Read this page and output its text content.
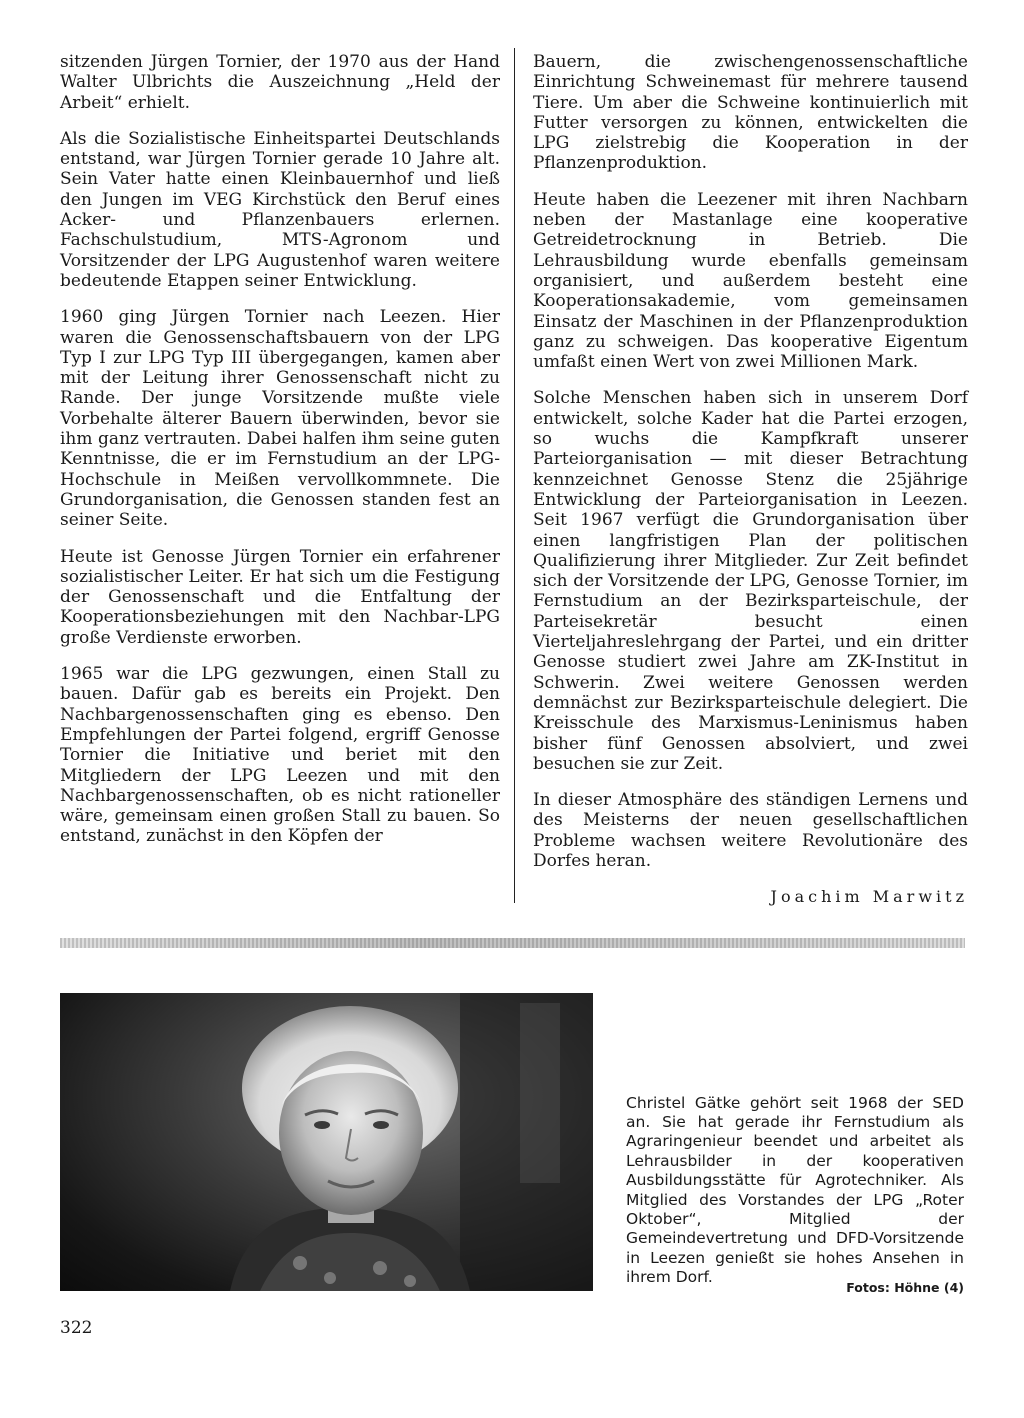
sitzenden Jürgen Tornier, der 1970 aus der Hand Walter Ulbrichts die Auszeichnung „Held der Arbeit“ erhielt.

Als die Sozialistische Einheitspartei Deutschlands entstand, war Jürgen Tornier gerade 10 Jahre alt. Sein Vater hatte einen Kleinbauernhof und ließ den Jungen im VEG Kirchstück den Beruf eines Acker- und Pflanzenbauers erlernen. Fachschulstudium, MTS-Agronom und Vorsitzender der LPG Augustenhof waren weitere bedeutende Etappen seiner Entwicklung.

1960 ging Jürgen Tornier nach Leezen. Hier waren die Genossenschaftsbauern von der LPG Typ I zur LPG Typ III übergegangen, kamen aber mit der Leitung ihrer Genossenschaft nicht zu Rande. Der junge Vorsitzende mußte viele Vorbehalte älterer Bauern überwinden, bevor sie ihm ganz vertrauten. Dabei halfen ihm seine guten Kenntnisse, die er im Fernstudium an der LPG-Hochschule in Meißen vervollkommnete. Die Grundorganisation, die Genossen standen fest an seiner Seite.

Heute ist Genosse Jürgen Tornier ein erfahrener sozialistischer Leiter. Er hat sich um die Festigung der Genossenschaft und die Entfaltung der Kooperationsbeziehungen mit den Nachbar-LPG große Verdienste erworben.

1965 war die LPG gezwungen, einen Stall zu bauen. Dafür gab es bereits ein Projekt. Den Nachbargenossenschaften ging es ebenso. Den Empfehlungen der Partei folgend, ergriff Genosse Tornier die Initiative und beriet mit den Mitgliedern der LPG Leezen und mit den Nachbargenossenschaften, ob es nicht rationeller wäre, gemeinsam einen großen Stall zu bauen. So entstand, zunächst in den Köpfen der

Bauern, die zwischengenossenschaftliche Einrichtung Schweinemast für mehrere tausend Tiere. Um aber die Schweine kontinuierlich mit Futter versorgen zu können, entwickelten die LPG zielstrebig die Kooperation in der Pflanzenproduktion.

Heute haben die Leezener mit ihren Nachbarn neben der Mastanlage eine kooperative Getreidetrocknung in Betrieb. Die Lehrausbildung wurde ebenfalls gemeinsam organisiert, und außerdem besteht eine Kooperationsakademie, vom gemeinsamen Einsatz der Maschinen in der Pflanzenproduktion ganz zu schweigen. Das kooperative Eigentum umfaßt einen Wert von zwei Millionen Mark.

Solche Menschen haben sich in unserem Dorf entwickelt, solche Kader hat die Partei erzogen, so wuchs die Kampfkraft unserer Parteiorganisation — mit dieser Betrachtung kennzeichnet Genosse Stenz die 25jährige Entwicklung der Parteiorganisation in Leezen. Seit 1967 verfügt die Grundorganisation über einen langfristigen Plan der politischen Qualifizierung ihrer Mitglieder. Zur Zeit befindet sich der Vorsitzende der LPG, Genosse Tornier, im Fernstudium an der Bezirksparteischule, der Parteisekretär besucht einen Vierteljahreslehrgang der Partei, und ein dritter Genosse studiert zwei Jahre am ZK-Institut in Schwerin. Zwei weitere Genossen werden demnächst zur Bezirksparteischule delegiert. Die Kreisschule des Marxismus-Leninismus haben bisher fünf Genossen absolviert, und zwei besuchen sie zur Zeit.

In dieser Atmosphäre des ständigen Lernens und des Meisterns der neuen gesellschaftlichen Probleme wachsen weitere Revolutionäre des Dorfes heran.

Joachim Marwitz

Christel Gätke gehört seit 1968 der SED an. Sie hat gerade ihr Fernstudium als Agraringenieur beendet und arbeitet als Lehrausbilder in der kooperativen Ausbildungsstätte für Agrotechniker. Als Mitglied des Vorstandes der LPG „Roter Oktober“, Mitglied der Gemeindevertretung und DFD-Vorsitzende in Leezen genießt sie hohes Ansehen in ihrem Dorf.

Fotos: Höhne (4)
322
